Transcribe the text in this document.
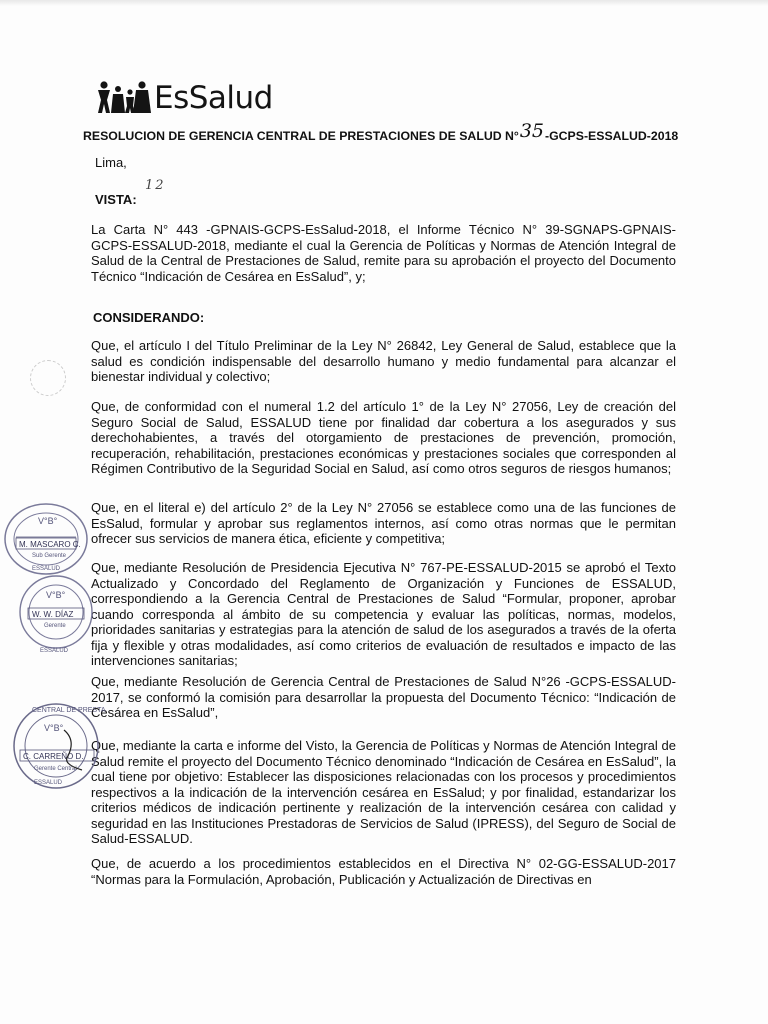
EsSalud
RESOLUCION DE GERENCIA CENTRAL DE PRESTACIONES DE SALUD N°35-GCPS-ESSALUD-2018
Lima,
12
VISTA:
La Carta N° 443 -GPNAIS-GCPS-EsSalud-2018, el Informe Técnico N° 39-SGNAPS-GPNAIS-GCPS-ESSALUD-2018, mediante el cual la Gerencia de Políticas y Normas de Atención Integral de Salud de la Central de Prestaciones de Salud, remite para su aprobación el proyecto del Documento Técnico “Indicación de Cesárea en EsSalud”, y;
CONSIDERANDO:
Que, el artículo I del Título Preliminar de la Ley N° 26842, Ley General de Salud, establece que la salud es condición indispensable del desarrollo humano y medio fundamental para alcanzar el bienestar individual y colectivo;
Que, de conformidad con el numeral 1.2 del artículo 1° de la Ley N° 27056, Ley de creación del Seguro Social de Salud, ESSALUD tiene por finalidad dar cobertura a los asegurados y sus derechohabientes, a través del otorgamiento de prestaciones de prevención, promoción, recuperación, rehabilitación, prestaciones económicas y prestaciones sociales que corresponden al Régimen Contributivo de la Seguridad Social en Salud, así como otros seguros de riesgos humanos;
Que, en el literal e) del artículo 2° de la Ley N° 27056 se establece como una de las funciones de EsSalud, formular y aprobar sus reglamentos internos, así como otras normas que le permitan ofrecer sus servicios de manera ética, eficiente y competitiva;
Que, mediante Resolución de Presidencia Ejecutiva N° 767-PE-ESSALUD-2015 se aprobó el Texto Actualizado y Concordado del Reglamento de Organización y Funciones de ESSALUD, correspondiendo a la Gerencia Central de Prestaciones de Salud “Formular, proponer, aprobar cuando corresponda al ámbito de su competencia y evaluar las políticas, normas, modelos, prioridades sanitarias y estrategias para la atención de salud de los asegurados a través de la oferta fija y flexible y otras modalidades, así como criterios de evaluación de resultados e impacto de las intervenciones sanitarias;
Que, mediante Resolución de Gerencia Central de Prestaciones de Salud N°26 -GCPS-ESSALUD-2017, se conformó la comisión para desarrollar la propuesta del Documento Técnico: “Indicación de Cesárea en EsSalud”,
Que, mediante la carta e informe del Visto, la Gerencia de Políticas y Normas de Atención Integral de Salud remite el proyecto del Documento Técnico denominado “Indicación de Cesárea en EsSalud”, la cual tiene por objetivo: Establecer las disposiciones relacionadas con los procesos y procedimientos respectivos a la indicación de la intervención cesárea en EsSalud; y por finalidad, estandarizar los criterios médicos de indicación pertinente y realización de la intervención cesárea con calidad y seguridad en las Instituciones Prestadoras de Servicios de Salud (IPRESS), del Seguro de Social de Salud-ESSALUD.
Que, de acuerdo a los procedimientos establecidos en el Directiva N° 02-GG-ESSALUD-2017 “Normas para la Formulación, Aprobación, Publicación y Actualización de Directivas en
V°B°
M. MASCARO C.
Sub Gerente
ESSALUD
V°B°
W. W. DÍAZ
Gerente
ESSALUD
CENTRAL DE PRESTA...
V°B°
C. CARREÑO D.
Gerente Central
ESSALUD
